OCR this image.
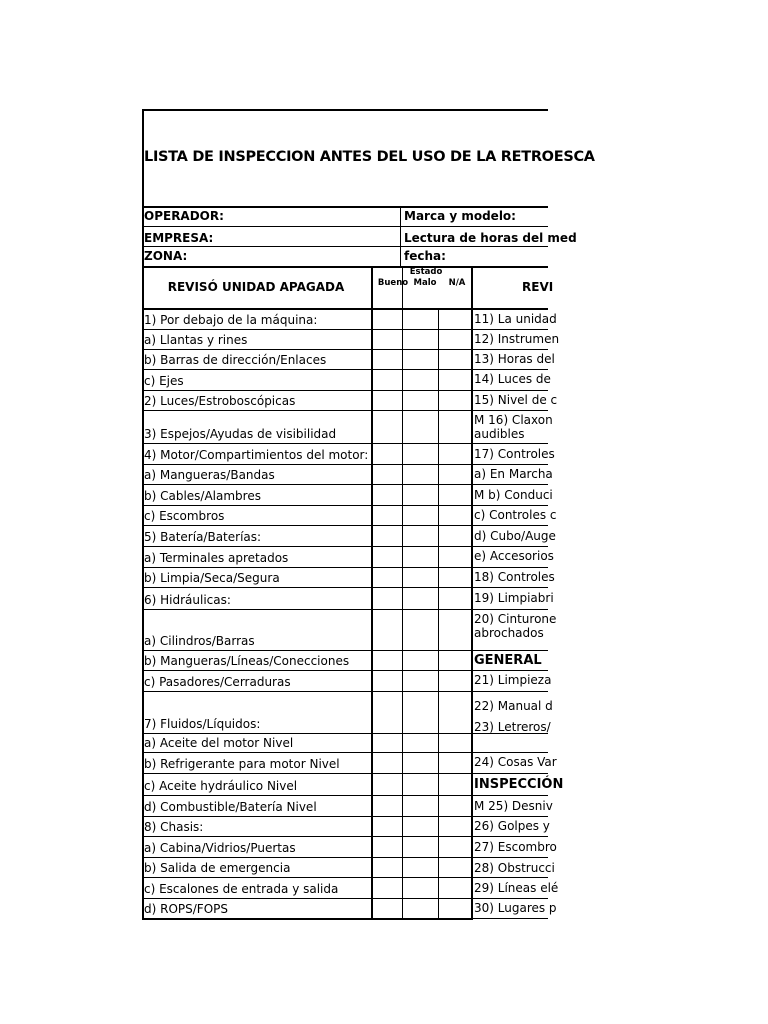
LISTA DE INSPECCION ANTES DEL USO DE LA RETROESCA
OPERADOR:
EMPRESA:
ZONA:
Marca y modelo:
Lectura de horas del med
fecha:
REVISÓ UNIDAD APAGADA
Estado
Bueno Malo	N/A	REVI
1) Por debajo de la máquina:
a) Llantas y rines
b) Barras de dirección/Enlaces
c) Ejes
2) Luces/Estroboscópicas
3) Espejos/Ayudas de visibilidad
4) Motor/Compartimientos del motor:
a) Mangueras/Bandas
b) Cables/Alambres
c) Escombros
5) Batería/Baterías:
a) Terminales apretados
b) Limpia/Seca/Segura
6) Hidráulicas:
a) Cilindros/Barras
b) Mangueras/Líneas/Conecciones
c) Pasadores/Cerraduras
7) Fluidos/Líquidos:
a) Aceite del motor Nivel
b) Refrigerante para motor Nivel
c) Aceite hydráulico Nivel
d) Combustible/Batería Nivel
8) Chasis:
a) Cabina/Vidrios/Puertas
b) Salida de emergencia
c) Escalones de entrada y salida
d) ROPS/FOPS
11) La unidad
12) Instrumen
13) Horas del
14) Luces de
15) Nivel de c
M 16) Claxon
audibles
17) Controles
a) En Marcha
M b) Conduci
c) Controles c
d) Cubo/Auge
e) Accesorios
18) Controles
19) Limpiabri
20) Cinturone
abrochados
GENERAL
21) Limpieza
22) Manual d
23) Letreros/
24) Cosas Var
INSPECCIÓN
M 25) Desniv
26) Golpes y
27) Escombro
28) Obstrucci
29) Líneas elé
30) Lugares p
